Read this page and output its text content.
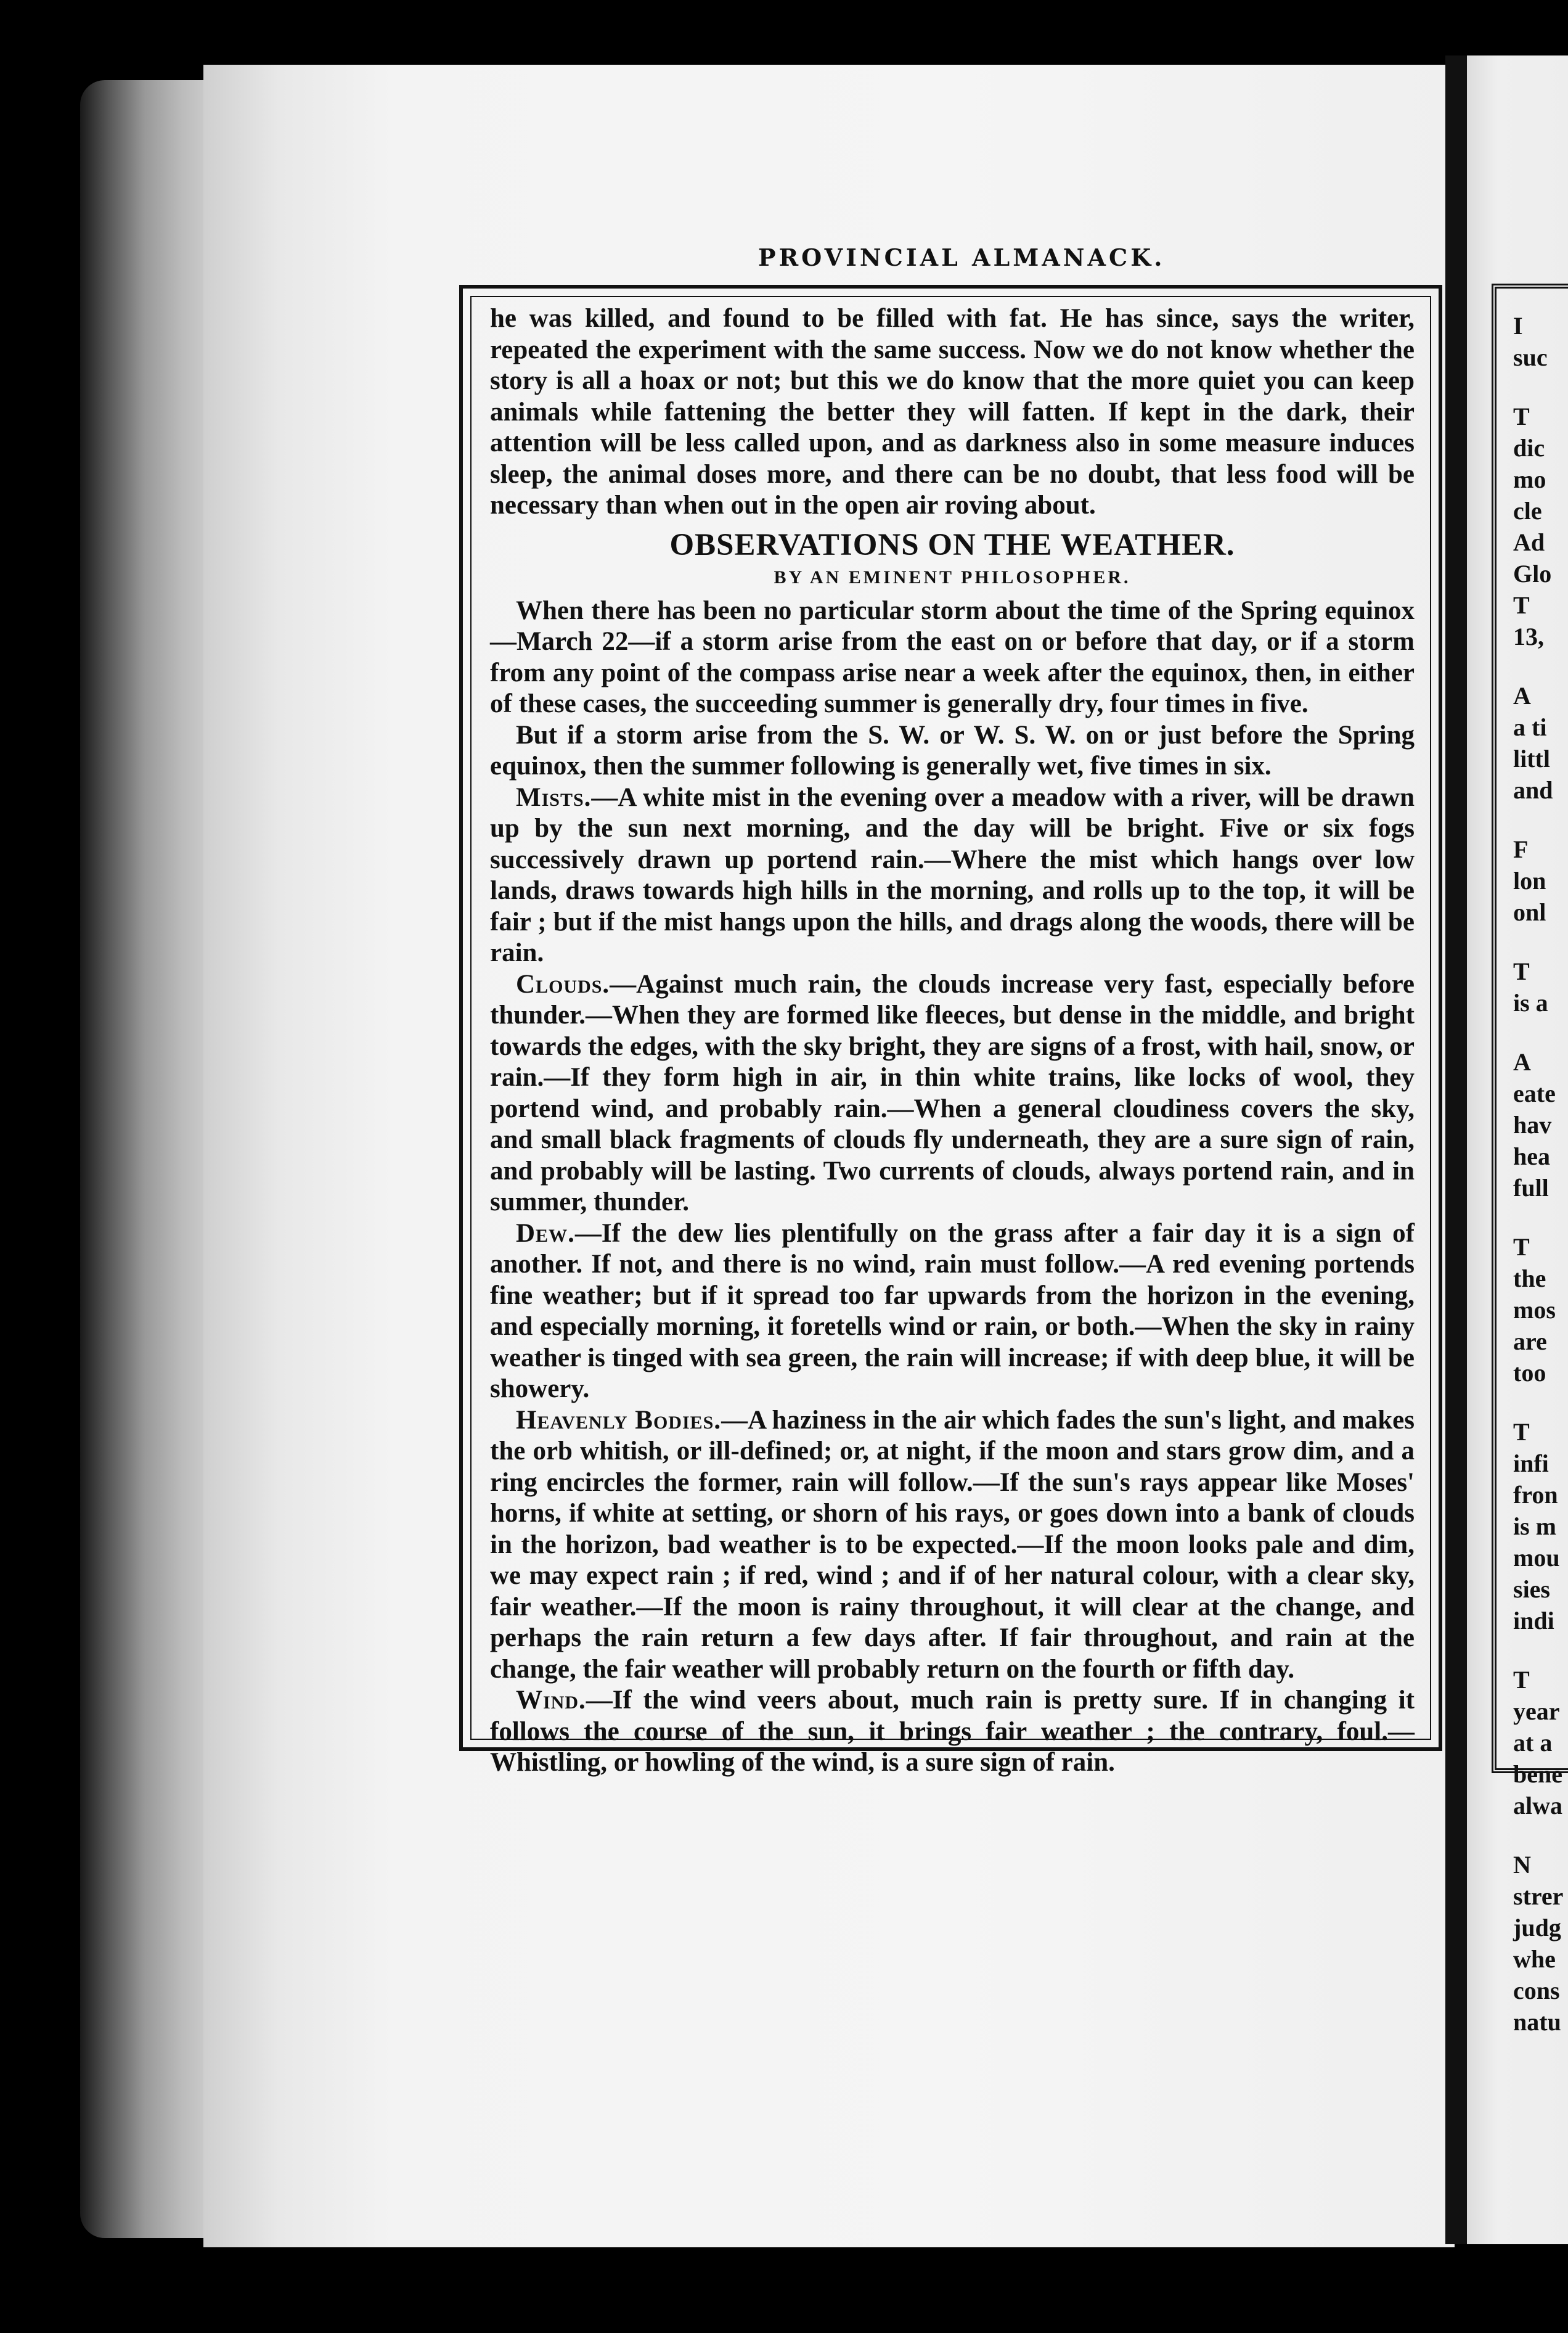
I
suc
T
dic
mo
cle
Ad
Glo
T
13,
A
a ti
littl
and
F
lon
onl
T
is a
A
eate
hav
hea
full
T
the
mos
are
too
T
infi
fron
is m
mou
sies
indi
T
year
at a
bene
alwa
N
strer
judg
whe
cons
natu
PROVINCIAL ALMANACK.

he was killed, and found to be filled with fat. He has since, says the writer, repeated the experiment with the same success. Now we do not know whether the story is all a hoax or not; but this we do know that the more quiet you can keep animals while fattening the better they will fatten. If kept in the dark, their attention will be less called upon, and as darkness also in some measure induces sleep, the animal doses more, and there can be no doubt, that less food will be necessary than when out in the open air roving about.

OBSERVATIONS ON THE WEATHER.

BY AN EMINENT PHILOSOPHER.

When there has been no particular storm about the time of the Spring equinox—March 22—if a storm arise from the east on or before that day, or if a storm from any point of the compass arise near a week after the equinox, then, in either of these cases, the succeeding summer is generally dry, four times in five.

But if a storm arise from the S. W. or W. S. W. on or just before the Spring equinox, then the summer following is generally wet, five times in six.

Mists.—A white mist in the evening over a meadow with a river, will be drawn up by the sun next morning, and the day will be bright. Five or six fogs successively drawn up portend rain.—Where the mist which hangs over low lands, draws towards high hills in the morning, and rolls up to the top, it will be fair ; but if the mist hangs upon the hills, and drags along the woods, there will be rain.

Clouds.—Against much rain, the clouds increase very fast, especially before thunder.—When they are formed like fleeces, but dense in the middle, and bright towards the edges, with the sky bright, they are signs of a frost, with hail, snow, or rain.—If they form high in air, in thin white trains, like locks of wool, they portend wind, and probably rain.—When a general cloudiness covers the sky, and small black fragments of clouds fly underneath, they are a sure sign of rain, and probably will be lasting. Two currents of clouds, always portend rain, and in summer, thunder.

Dew.—If the dew lies plentifully on the grass after a fair day it is a sign of another. If not, and there is no wind, rain must follow.—A red evening portends fine weather; but if it spread too far upwards from the horizon in the evening, and especially morning, it foretells wind or rain, or both.—When the sky in rainy weather is tinged with sea green, the rain will increase; if with deep blue, it will be showery.

Heavenly Bodies.—A haziness in the air which fades the sun's light, and makes the orb whitish, or ill-defined; or, at night, if the moon and stars grow dim, and a ring encircles the former, rain will follow.—If the sun's rays appear like Moses' horns, if white at setting, or shorn of his rays, or goes down into a bank of clouds in the horizon, bad weather is to be expected.—If the moon looks pale and dim, we may expect rain ; if red, wind ; and if of her natural colour, with a clear sky, fair weather.—If the moon is rainy throughout, it will clear at the change, and perhaps the rain return a few days after. If fair throughout, and rain at the change, the fair weather will probably return on the fourth or fifth day.

Wind.—If the wind veers about, much rain is pretty sure. If in changing it follows the course of the sun, it brings fair weather ; the contrary, foul.—Whistling, or howling of the wind, is a sure sign of rain.
